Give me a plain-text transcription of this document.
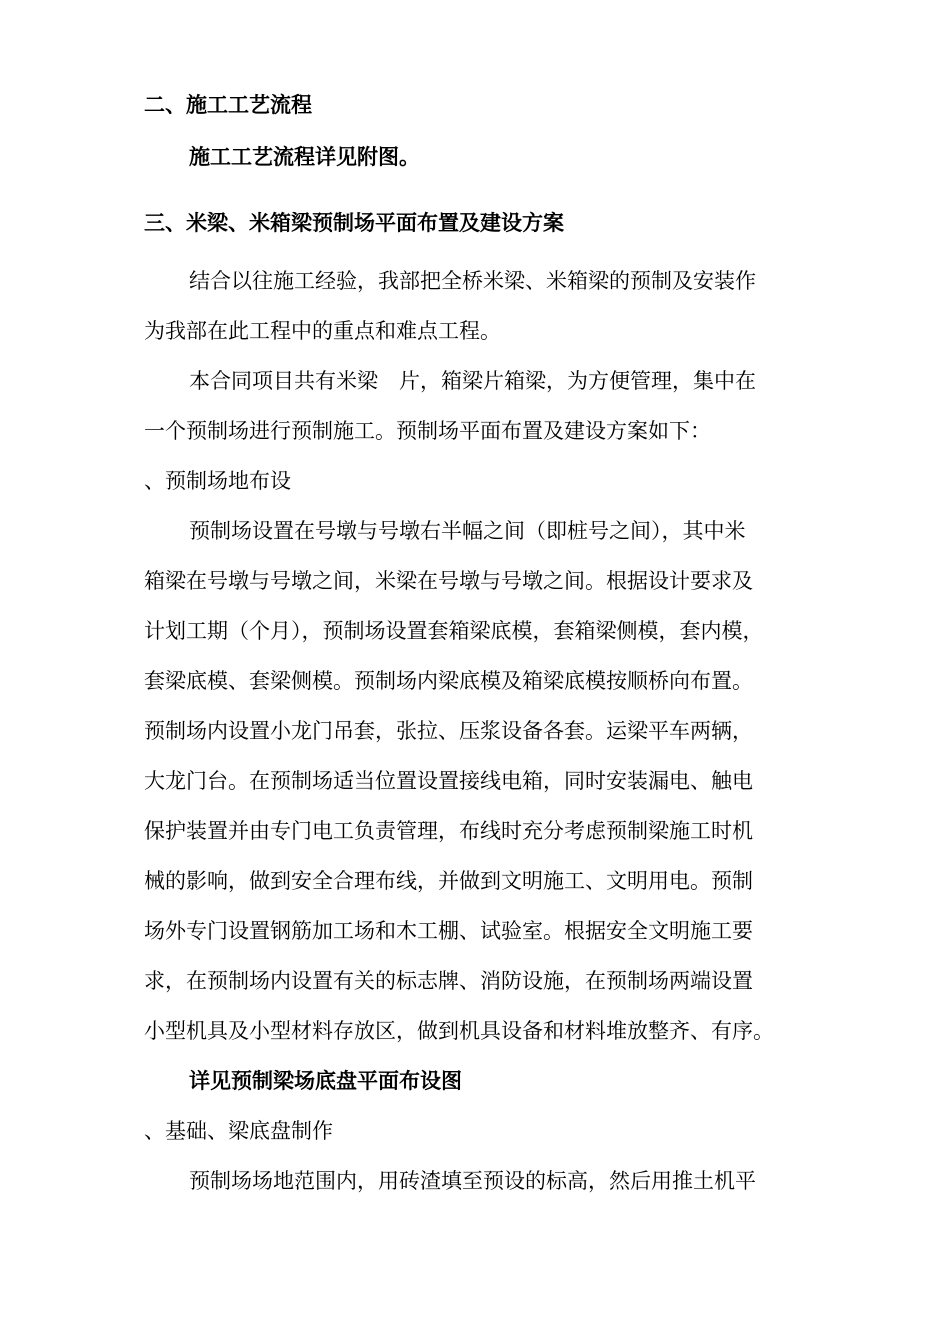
二、施工工艺流程
施工工艺流程详见附图。
三、米梁、米箱梁预制场平面布置及建设方案
结合以往施工经验，我部把全桥米梁、米箱梁的预制及安装作
为我部在此工程中的重点和难点工程。
本合同项目共有米梁　片，箱梁片箱梁，为方便管理，集中在
一个预制场进行预制施工。预制场平面布置及建设方案如下：
、预制场地布设
预制场设置在号墩与号墩右半幅之间（即桩号之间），其中米
箱梁在号墩与号墩之间，米梁在号墩与号墩之间。根据设计要求及
计划工期（个月），预制场设置套箱梁底模，套箱梁侧模，套内模，
套梁底模、套梁侧模。预制场内梁底模及箱梁底模按顺桥向布置。
预制场内设置小龙门吊套，张拉、压浆设备各套。运梁平车两辆，
大龙门台。在预制场适当位置设置接线电箱，同时安装漏电、触电
保护装置并由专门电工负责管理，布线时充分考虑预制梁施工时机
械的影响，做到安全合理布线，并做到文明施工、文明用电。预制
场外专门设置钢筋加工场和木工棚、试验室。根据安全文明施工要
求，在预制场内设置有关的标志牌、消防设施，在预制场两端设置
小型机具及小型材料存放区，做到机具设备和材料堆放整齐、有序。
详见预制梁场底盘平面布设图
、基础、梁底盘制作
预制场场地范围内，用砖渣填至预设的标高，然后用推土机平
